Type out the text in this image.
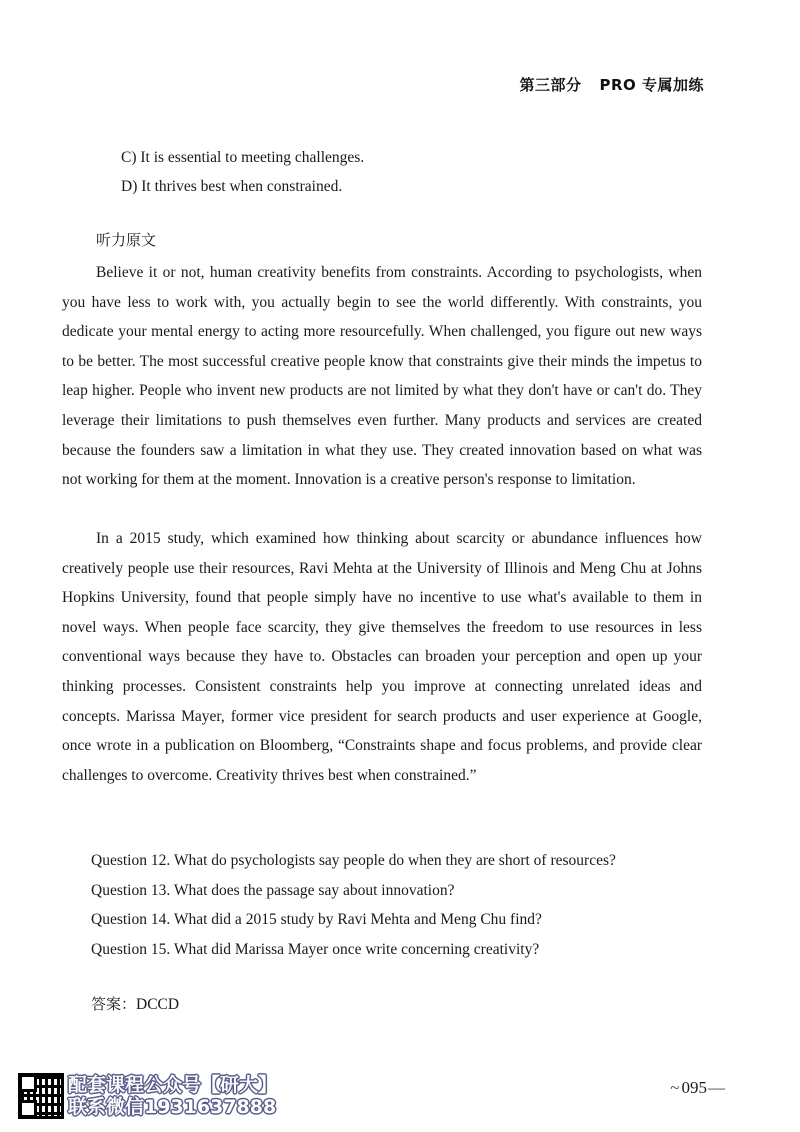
第三部分 PRO 专属加练
C) It is essential to meeting challenges.
D) It thrives best when constrained.
听力原文

Believe it or not, human creativity benefits from constraints. According to psychologists, when you have less to work with, you actually begin to see the world differently. With constraints, you dedicate your mental energy to acting more resourcefully. When challenged, you figure out new ways to be better. The most successful creative people know that constraints give their minds the impetus to leap higher. People who invent new products are not limited by what they don't have or can't do. They leverage their limitations to push themselves even further. Many products and services are created because the founders saw a limitation in what they use. They created innovation based on what was not working for them at the moment. Innovation is a creative person's response to limitation.

In a 2015 study, which examined how thinking about scarcity or abundance influences how creatively people use their resources, Ravi Mehta at the University of Illinois and Meng Chu at Johns Hopkins University, found that people simply have no incentive to use what's available to them in novel ways. When people face scarcity, they give themselves the freedom to use resources in less conventional ways because they have to. Obstacles can broaden your perception and open up your thinking processes. Consistent constraints help you improve at connecting unrelated ideas and concepts. Marissa Mayer, former vice president for search products and user experience at Google, once wrote in a publication on Bloomberg, “Constraints shape and focus problems, and provide clear challenges to overcome. Creativity thrives best when constrained.”

Question 12. What do psychologists say people do when they are short of resources?
Question 13. What does the passage say about innovation?
Question 14. What did a 2015 study by Ravi Mehta and Meng Chu find?
Question 15. What did Marissa Mayer once write concerning creativity?
答案：DCCD
配套课程公众号【研大】
联系微信1931637888
~ 095 —
